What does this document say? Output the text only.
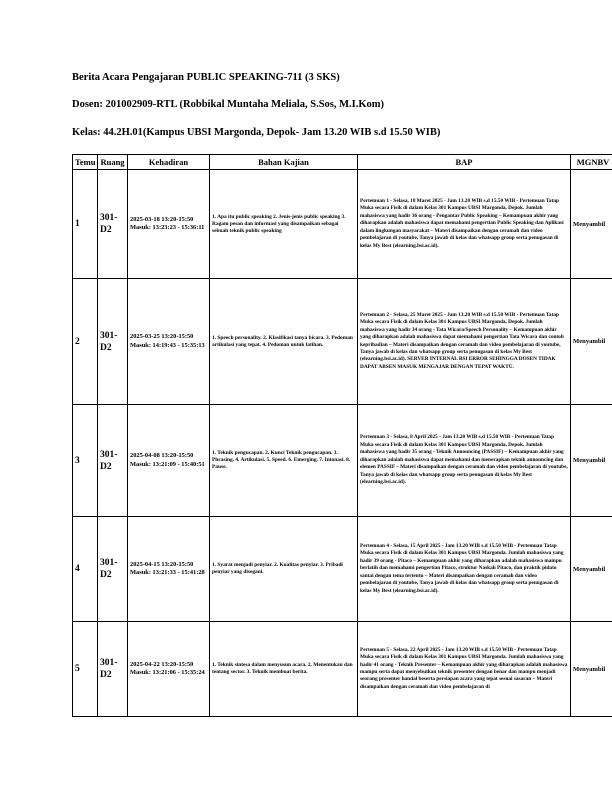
Berita Acara Pengajaran PUBLIC SPEAKING-711 (3 SKS)
Dosen: 201002909-RTL (Robbikal Muntaha Meliala, S.Sos, M.I.Kom)
Kelas: 44.2H.01(Kampus UBSI Margonda, Depok- Jam 13.20 WIB s.d 15.50 WIB)
Temu	Ruang	Kehadiran	Bahan Kajian	BAP	MGNBV
1	301-D2	2025-03-18 13:20-15:50
Masuk: 13:23:23 - 15:36:11	1. Apa itu public speaking 2. Jenis-jenis public speaking 3. Ragam pesan dan informasi yang disampaikan sebagai sebuah teknik public speaking	Pertemuan 1 - Selasa, 18 Maret 2025 - Jam 13.20 WIB s.d 15.50 WIB - Pertemuan Tatap Muka secara Fisik di dalam Kelas 301 Kampus UBSI Margonda, Depok. Jumlah mahasiswa yang hadir 36 orang - Pengantar Public Speaking – Kemampuan akhir yang diharapkan adalah mahasiswa dapat memahami pengertian Public Speaking dan Aplikasi dalam lingkungan masyarakat – Materi disampaikan dengan ceramah dan video pembelajaran di youtube, Tanya jawab di kelas dan whatsapp group serta penugasan di kelas My Best (elearning.bsi.ac.id).	Menyambil
2	301-D2	2025-03-25 13:20-15:50
Masuk: 14:19:43 - 15:35:13	1. Speech personality. 2. Klasifikasi tanya bicara. 3. Pedoman artikulasi yang tepat. 4. Pedoman untuk latihan.	Pertemuan 2 - Selasa, 25 Maret 2025 - Jam 13.20 WIB s.d 15.50 WIB - Pertemuan Tatap Muka secara Fisik di dalam Kelas 301 Kampus UBSI Margonda, Depok. Jumlah mahasiswa yang hadir 34 orang - Tata Wicara/Speech Personality – Kemampuan akhir yang diharapkan adalah mahasiswa dapat memahami pengertian Tata Wicara dan contoh kepribadian – Materi disampaikan dengan ceramah dan video pembelajaran di youtube, Tanya jawab di kelas dan whatsapp group serta penugasan di kelas My Best (elearning.bsi.ac.id). SERVER INTERNAL BSI ERROR SEHINGGA DOSEN TIDAK DAPAT ABSEN MASUK MENGAJAR DENGAN TEPAT WAKTU.	Menyambil
3	301-D2	2025-04-08 13:20-15:50
Masuk: 13:21:09 - 15:40:51	1. Teknik pengucapan. 2. Kunci Teknik pengucapan. 3. Phrasing. 4. Artikulasi. 5. Speed. 6. Emerging. 7. Intonasi. 8. Pause.	Pertemuan 3 - Selasa, 8 April 2025 - Jam 13.20 WIB s.d 15.50 WIB - Pertemuan Tatap Muka secara Fisik di dalam Kelas 301 Kampus UBSI Margonda, Depok. Jumlah mahasiswa yang hadir 35 orang - Teknik Announcing (PASSIF) – Kemampuan akhir yang diharapkan adalah mahasiswa dapat memahami dan menerapkan teknik announcing dan elemen PASSIF – Materi disampaikan dengan ceramah dan video pembelajaran di youtube, Tanya jawab di kelas dan whatsapp group serta penugasan di kelas My Best (elearning.bsi.ac.id).	Menyambil
4	301-D2	2025-04-15 13:20-15:50
Masuk: 13:21:33 - 15:41:28	1. Syarat menjadi penyiar. 2. Kualitas penyiar. 3. Pribadi penyiar yang disegani.	Pertemuan 4 - Selasa, 15 April 2025 - Jam 13.20 WIB s.d 15.50 WIB - Pertemuan Tatap Muka secara Fisik di dalam Kelas 301 Kampus UBSI Margonda. Jumlah mahasiswa yang hadir 39 orang - Pitaco – Kemampuan akhir yang diharapkan adalah mahasiswa mampu berlatih dan memahami pengertian Pitaco, struktur Naskah Pitaco, dan praktik pidato santai dengan tema tertentu – Materi disampaikan dengan ceramah dan video pembelajaran di youtube, Tanya jawab di kelas dan whatsapp group serta penugasan di kelas My Best (elearning.bsi.ac.id).	Menyambil
5	301-D2	2025-04-22 13:20-15:50
Masuk: 13:21:06 - 15:35:24	1. Teknik sintesa dalam menyusun acara. 2. Menentukan dan tentang sector. 3. Teknik membuat berita.	Pertemuan 5 - Selasa, 22 April 2025 - Jam 13.20 WIB s.d 15.50 WIB - Pertemuan Tatap Muka secara Fisik di dalam Kelas 301 Kampus UBSI Margonda. Jumlah mahasiswa yang hadir 41 orang - Teknik Presenter – Kemampuan akhir yang diharapkan adalah mahasiswa mampu serta dapat menyebutkan teknik presenter dengan benar dan mampu menjadi seorang presenter handal beserta persiapan acara yang tepat sesuai sasaran – Materi disampaikan dengan ceramah dan video pembelajaran di	Menyambil
